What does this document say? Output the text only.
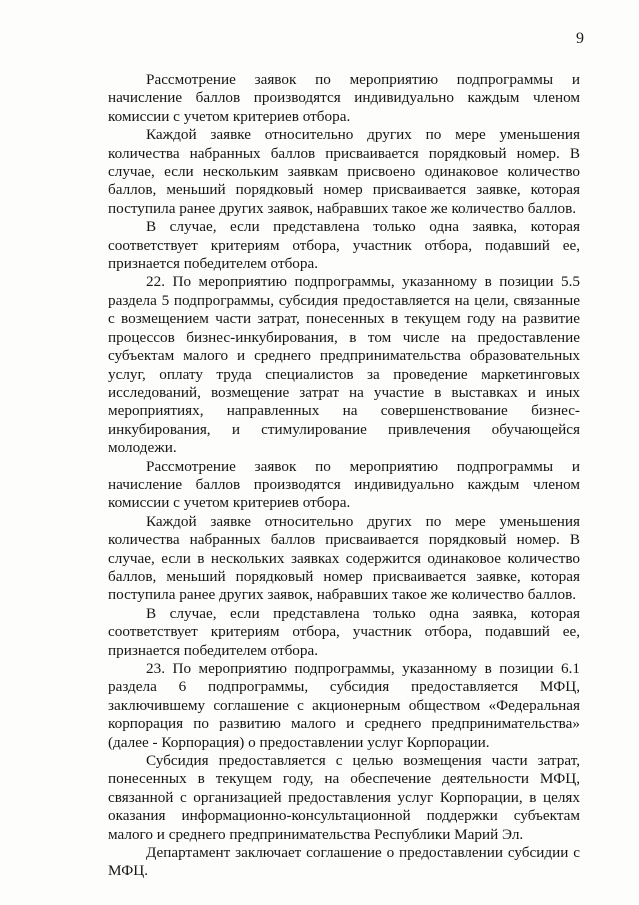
9

Рассмотрение заявок по мероприятию подпрограммы и начисление баллов производятся индивидуально каждым членом комиссии с учетом критериев отбора.

Каждой заявке относительно других по мере уменьшения количества набранных баллов присваивается порядковый номер. В случае, если нескольким заявкам присвоено одинаковое количество баллов, меньший порядковый номер присваивается заявке, которая поступила ранее других заявок, набравших такое же количество баллов.

В случае, если представлена только одна заявка, которая соответствует критериям отбора, участник отбора, подавший ее, признается победителем отбора.

22. По мероприятию подпрограммы, указанному в позиции 5.5 раздела 5 подпрограммы, субсидия предоставляется на цели, связанные с возмещением части затрат, понесенных в текущем году на развитие процессов бизнес-инкубирования, в том числе на предоставление субъектам малого и среднего предпринимательства образовательных услуг, оплату труда специалистов за проведение маркетинговых исследований, возмещение затрат на участие в выставках и иных мероприятиях, направленных на совершенствование бизнес-инкубирования, и стимулирование привлечения обучающейся молодежи.

Рассмотрение заявок по мероприятию подпрограммы и начисление баллов производятся индивидуально каждым членом комиссии с учетом критериев отбора.

Каждой заявке относительно других по мере уменьшения количества набранных баллов присваивается порядковый номер. В случае, если в нескольких заявках содержится одинаковое количество баллов, меньший порядковый номер присваивается заявке, которая поступила ранее других заявок, набравших такое же количество баллов.

В случае, если представлена только одна заявка, которая соответствует критериям отбора, участник отбора, подавший ее, признается победителем отбора.

23. По мероприятию подпрограммы, указанному в позиции 6.1 раздела 6 подпрограммы, субсидия предоставляется МФЦ, заключившему соглашение с акционерным обществом «Федеральная корпорация по развитию малого и среднего предпринимательства» (далее - Корпорация) о предоставлении услуг Корпорации.

Субсидия предоставляется с целью возмещения части затрат, понесенных в текущем году, на обеспечение деятельности МФЦ, связанной с организацией предоставления услуг Корпорации, в целях оказания информационно-консультационной поддержки субъектам малого и среднего предпринимательства Республики Марий Эл.

Департамент заключает соглашение о предоставлении субсидии с МФЦ.
